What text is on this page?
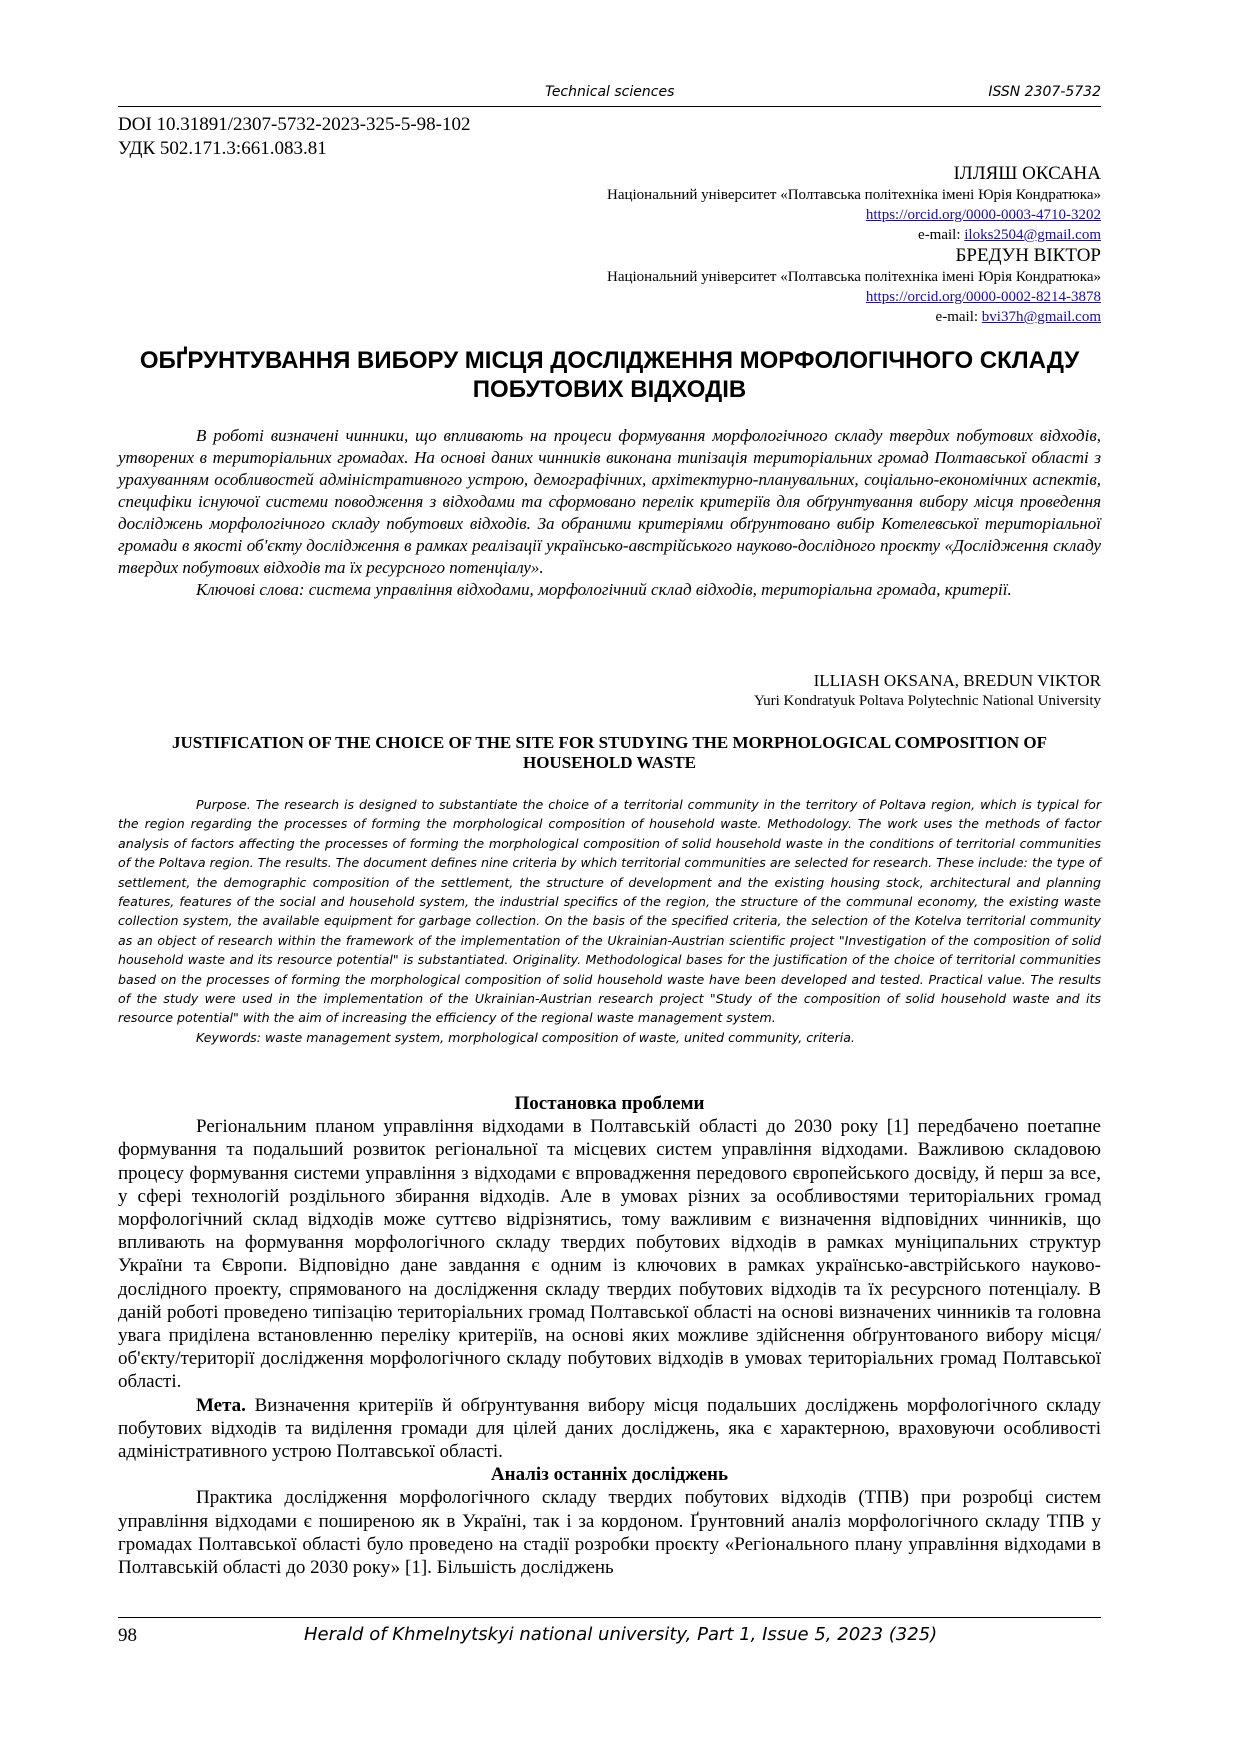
Technical sciences	ISSN 2307-5732
DOI 10.31891/2307-5732-2023-325-5-98-102
УДК 502.171.3:661.083.81
ІЛЛЯШ ОКСАНА
Національний університет «Полтавська політехніка імені Юрія Кондратюка»
https://orcid.org/0000-0003-4710-3202
e-mail: iloks2504@gmail.com
БРЕДУН ВІКТОР
Національний університет «Полтавська політехніка імені Юрія Кондратюка»
https://orcid.org/0000-0002-8214-3878
e-mail: bvi37h@gmail.com
ОБҐРУНТУВАННЯ ВИБОРУ МІСЦЯ ДОСЛІДЖЕННЯ МОРФОЛОГІЧНОГО СКЛАДУ ПОБУТОВИХ ВІДХОДІВ

В роботі визначені чинники, що впливають на процеси формування морфологічного складу твердих побутових відходів, утворених в територіальних громадах. На основі даних чинників виконана типізація територіальних громад Полтавської області з урахуванням особливостей адміністративного устрою, демографічних, архітектурно-планувальних, соціально-економічних аспектів, специфіки існуючої системи поводження з відходами та сформовано перелік критеріїв для обґрунтування вибору місця проведення досліджень морфологічного складу побутових відходів. За обраними критеріями обґрунтовано вибір Котелевської територіальної громади в якості об'єкту дослідження в рамках реалізації українсько-австрійського науково-дослідного проєкту «Дослідження складу твердих побутових відходів та їх ресурсного потенціалу».

Ключові слова: система управління відходами, морфологічний склад відходів, територіальна громада, критерії.

ILLIASH OKSANA, BREDUN VIKTOR
Yuri Kondratyuk Poltava Polytechnic National University
JUSTIFICATION OF THE CHOICE OF THE SITE FOR STUDYING THE MORPHOLOGICAL COMPOSITION OF HOUSEHOLD WASTE

Purpose. The research is designed to substantiate the choice of a territorial community in the territory of Poltava region, which is typical for the region regarding the processes of forming the morphological composition of household waste. Methodology. The work uses the methods of factor analysis of factors affecting the processes of forming the morphological composition of solid household waste in the conditions of territorial communities of the Poltava region. The results. The document defines nine criteria by which territorial communities are selected for research. These include: the type of settlement, the demographic composition of the settlement, the structure of development and the existing housing stock, architectural and planning features, features of the social and household system, the industrial specifics of the region, the structure of the communal economy, the existing waste collection system, the available equipment for garbage collection. On the basis of the specified criteria, the selection of the Kotelva territorial community as an object of research within the framework of the implementation of the Ukrainian-Austrian scientific project "Investigation of the composition of solid household waste and its resource potential" is substantiated. Originality. Methodological bases for the justification of the choice of territorial communities based on the processes of forming the morphological composition of solid household waste have been developed and tested. Practical value. The results of the study were used in the implementation of the Ukrainian-Austrian research project "Study of the composition of solid household waste and its resource potential" with the aim of increasing the efficiency of the regional waste management system.

Keywords: waste management system, morphological composition of waste, united community, criteria.

Постановка проблеми

Регіональним планом управління відходами в Полтавській області до 2030 року [1] передбачено поетапне формування та подальший розвиток регіональної та місцевих систем управління відходами. Важливою складовою процесу формування системи управління з відходами є впровадження передового європейського досвіду, й перш за все, у сфері технологій роздільного збирання відходів. Але в умовах різних за особливостями територіальних громад морфологічний склад відходів може суттєво відрізнятись, тому важливим є визначення відповідних чинників, що впливають на формування морфологічного складу твердих побутових відходів в рамках муніципальних структур України та Європи. Відповідно дане завдання є одним із ключових в рамках українсько-австрійського науково-дослідного проекту, спрямованого на дослідження складу твердих побутових відходів та їх ресурсного потенціалу. В даній роботі проведено типізацію територіальних громад Полтавської області на основі визначених чинників та головна увага приділена встановленню переліку критеріїв, на основі яких можливе здійснення обґрунтованого вибору місця/об'єкту/території дослідження морфологічного складу побутових відходів в умовах територіальних громад Полтавської області.

Мета. Визначення критеріїв й обґрунтування вибору місця подальших досліджень морфологічного складу побутових відходів та виділення громади для цілей даних досліджень, яка є характерною, враховуючи особливості адміністративного устрою Полтавської області.

Аналіз останніх досліджень

Практика дослідження морфологічного складу твердих побутових відходів (ТПВ) при розробці систем управління відходами є поширеною як в Україні, так і за кордоном. Ґрунтовний аналіз морфологічного складу ТПВ у громадах Полтавської області було проведено на стадії розробки проєкту «Регіонального плану управління відходами в Полтавській області до 2030 року» [1]. Більшість досліджень

98	Herald of Khmelnytskyi national university, Part 1, Issue 5, 2023 (325)
